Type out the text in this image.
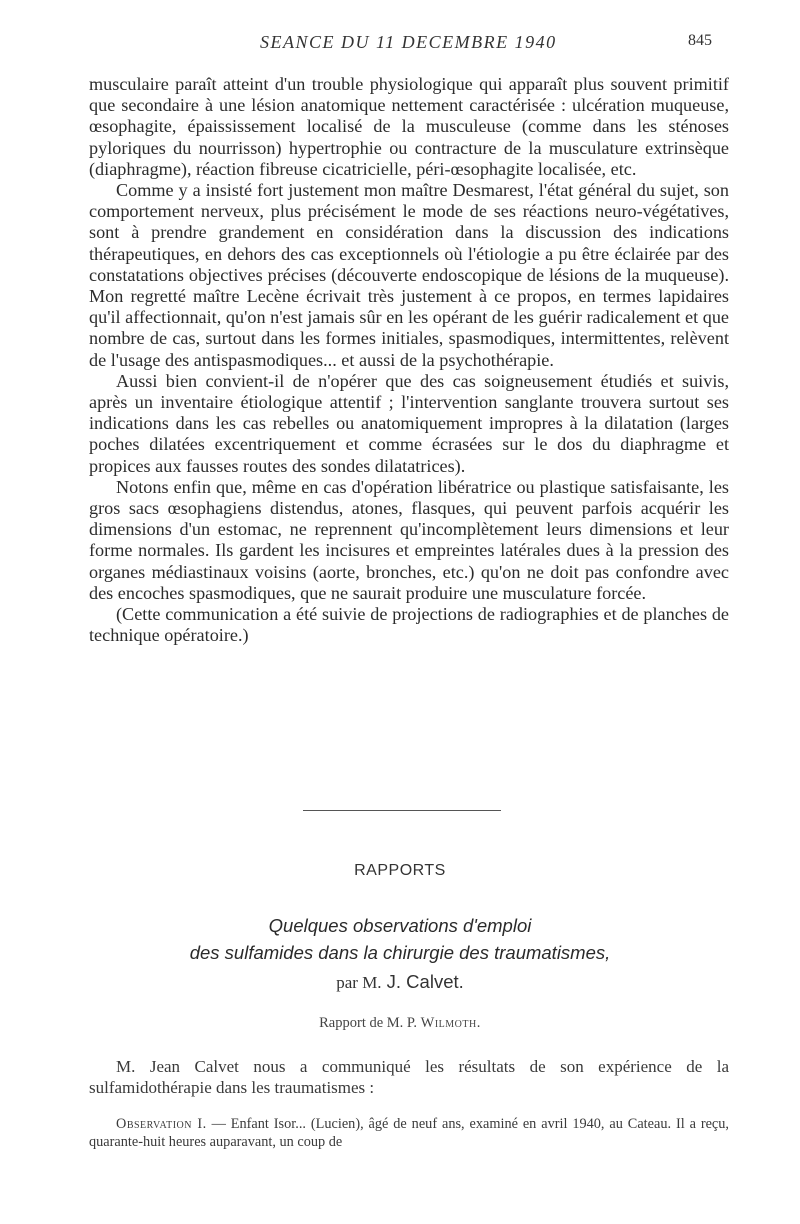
SEANCE DU 11 DECEMBRE 1940	845

musculaire paraît atteint d'un trouble physiologique qui apparaît plus souvent primitif que secondaire à une lésion anatomique nettement caractérisée : ulcération muqueuse, œsophagite, épaississement localisé de la musculeuse (comme dans les sténoses pyloriques du nourrisson) hypertrophie ou contracture de la musculature extrinsèque (diaphragme), réaction fibreuse cicatricielle, péri-œsophagite localisée, etc.

Comme y a insisté fort justement mon maître Desmarest, l'état général du sujet, son comportement nerveux, plus précisément le mode de ses réactions neuro-végétatives, sont à prendre grandement en considération dans la discussion des indications thérapeutiques, en dehors des cas exceptionnels où l'étiologie a pu être éclairée par des constatations objectives précises (découverte endoscopique de lésions de la muqueuse). Mon regretté maître Lecène écrivait très justement à ce propos, en termes lapidaires qu'il affectionnait, qu'on n'est jamais sûr en les opérant de les guérir radicalement et que nombre de cas, surtout dans les formes initiales, spasmodiques, intermittentes, relèvent de l'usage des antispasmodiques... et aussi de la psychothérapie.

Aussi bien convient-il de n'opérer que des cas soigneusement étudiés et suivis, après un inventaire étiologique attentif ; l'intervention sanglante trouvera surtout ses indications dans les cas rebelles ou anatomiquement impropres à la dilatation (larges poches dilatées excentriquement et comme écrasées sur le dos du diaphragme et propices aux fausses routes des sondes dilatatrices).

Notons enfin que, même en cas d'opération libératrice ou plastique satisfaisante, les gros sacs œsophagiens distendus, atones, flasques, qui peuvent parfois acquérir les dimensions d'un estomac, ne reprennent qu'incomplètement leurs dimensions et leur forme normales. Ils gardent les incisures et empreintes latérales dues à la pression des organes médiastinaux voisins (aorte, bronches, etc.) qu'on ne doit pas confondre avec des encoches spasmodiques, que ne saurait produire une musculature forcée.

(Cette communication a été suivie de projections de radiographies et de planches de technique opératoire.)

RAPPORTS
Quelques observations d'emploi
des sulfamides dans la chirurgie des traumatismes,
par M. J. Calvet.
Rapport de M. P. Wilmoth.

M. Jean Calvet nous a communiqué les résultats de son expérience de la sulfamidothérapie dans les traumatismes :

Observation I. — Enfant Isor... (Lucien), âgé de neuf ans, examiné en avril 1940, au Cateau. Il a reçu, quarante-huit heures auparavant, un coup de
